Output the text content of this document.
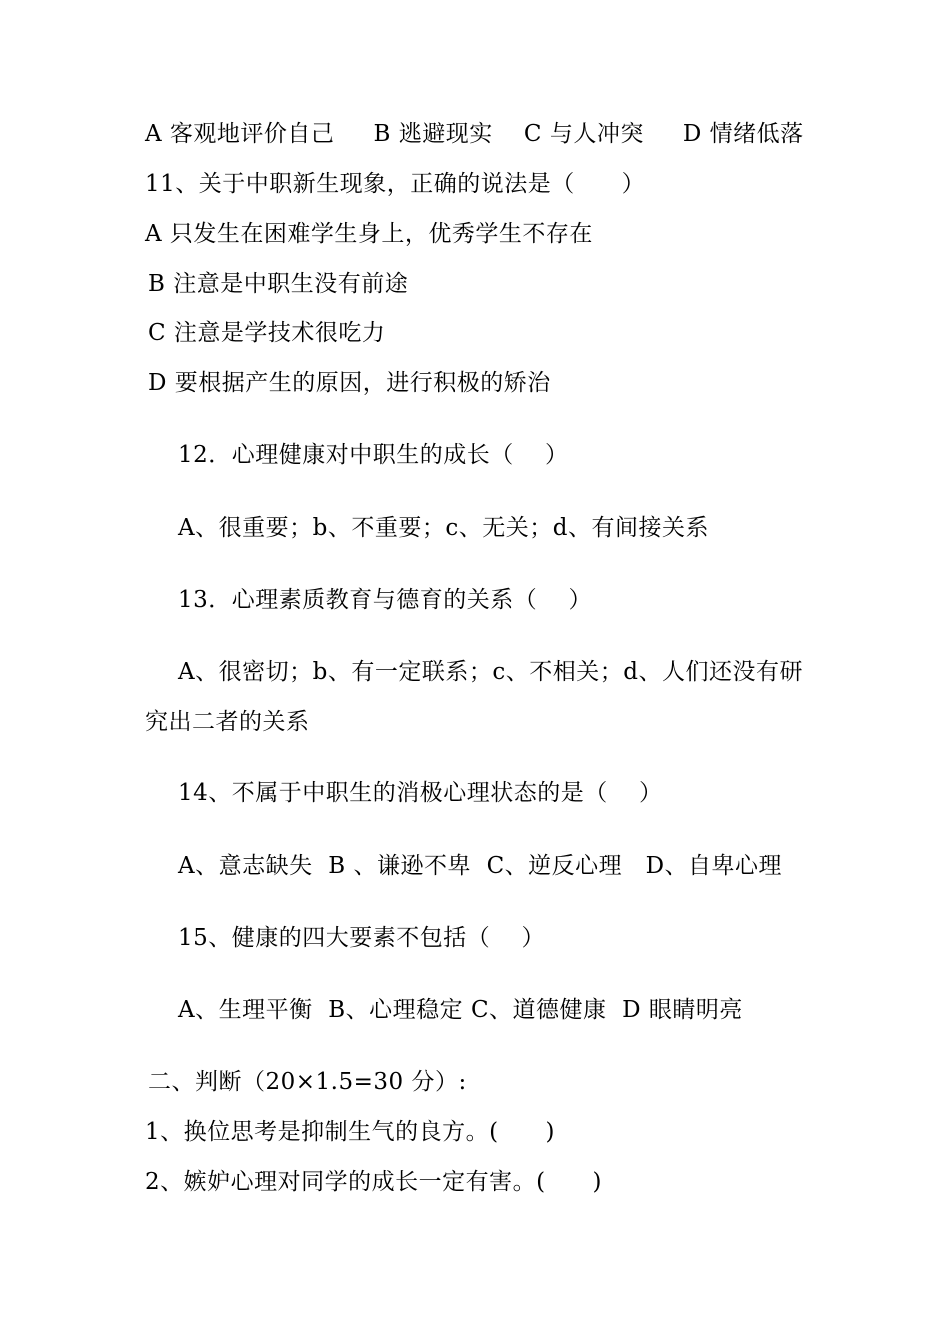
A 客观地评价自己     B 逃避现实    C 与人冲突     D 情绪低落
11、关于中职新生现象，正确的说法是（      ）
A 只发生在困难学生身上，优秀学生不存在
B 注意是中职生没有前途
C 注意是学技术很吃力
D 要根据产生的原因，进行积极的矫治
12．心理健康对中职生的成长（    ）
A、很重要；b、不重要；c、无关；d、有间接关系
13．心理素质教育与德育的关系（    ）
A、很密切；b、有一定联系；c、不相关；d、人们还没有研
究出二者的关系
14、不属于中职生的消极心理状态的是（    ）
A、意志缺失  B 、谦逊不卑  C、逆反心理   D、自卑心理
15、健康的四大要素不包括（    ）
A、生理平衡  B、心理稳定 C、道德健康  D 眼睛明亮
二、判断（20×1.5=30 分）:
1、换位思考是抑制生气的良方。(      )
2、嫉妒心理对同学的成长一定有害。(      )
